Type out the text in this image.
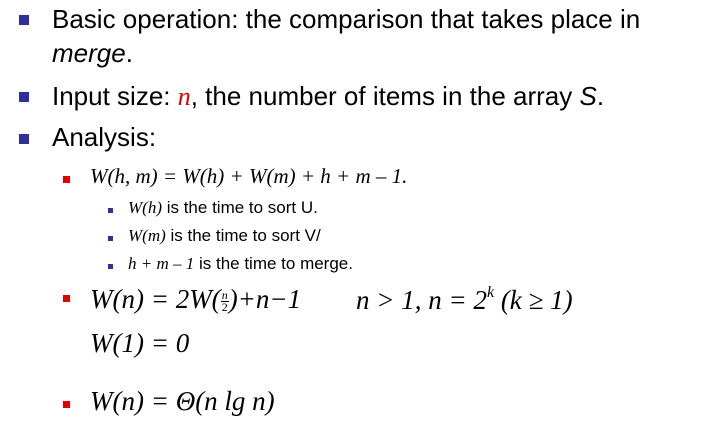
Basic operation: the comparison that takes place in
merge.
Input size: n, the number of items in the array S.
Analysis:
W(h, m) = W(h) + W(m) + h + m – 1.
W(h) is the time to sort U.
W(m) is the time to sort V/
h + m – 1 is the time to merge.
$W(n) = 2W( \frac{n}{2} )+n-1$ n > 1, $n = 2^k$ (k ≥ 1)
W(1) = 0
W(n) = Θ(n lg n)
